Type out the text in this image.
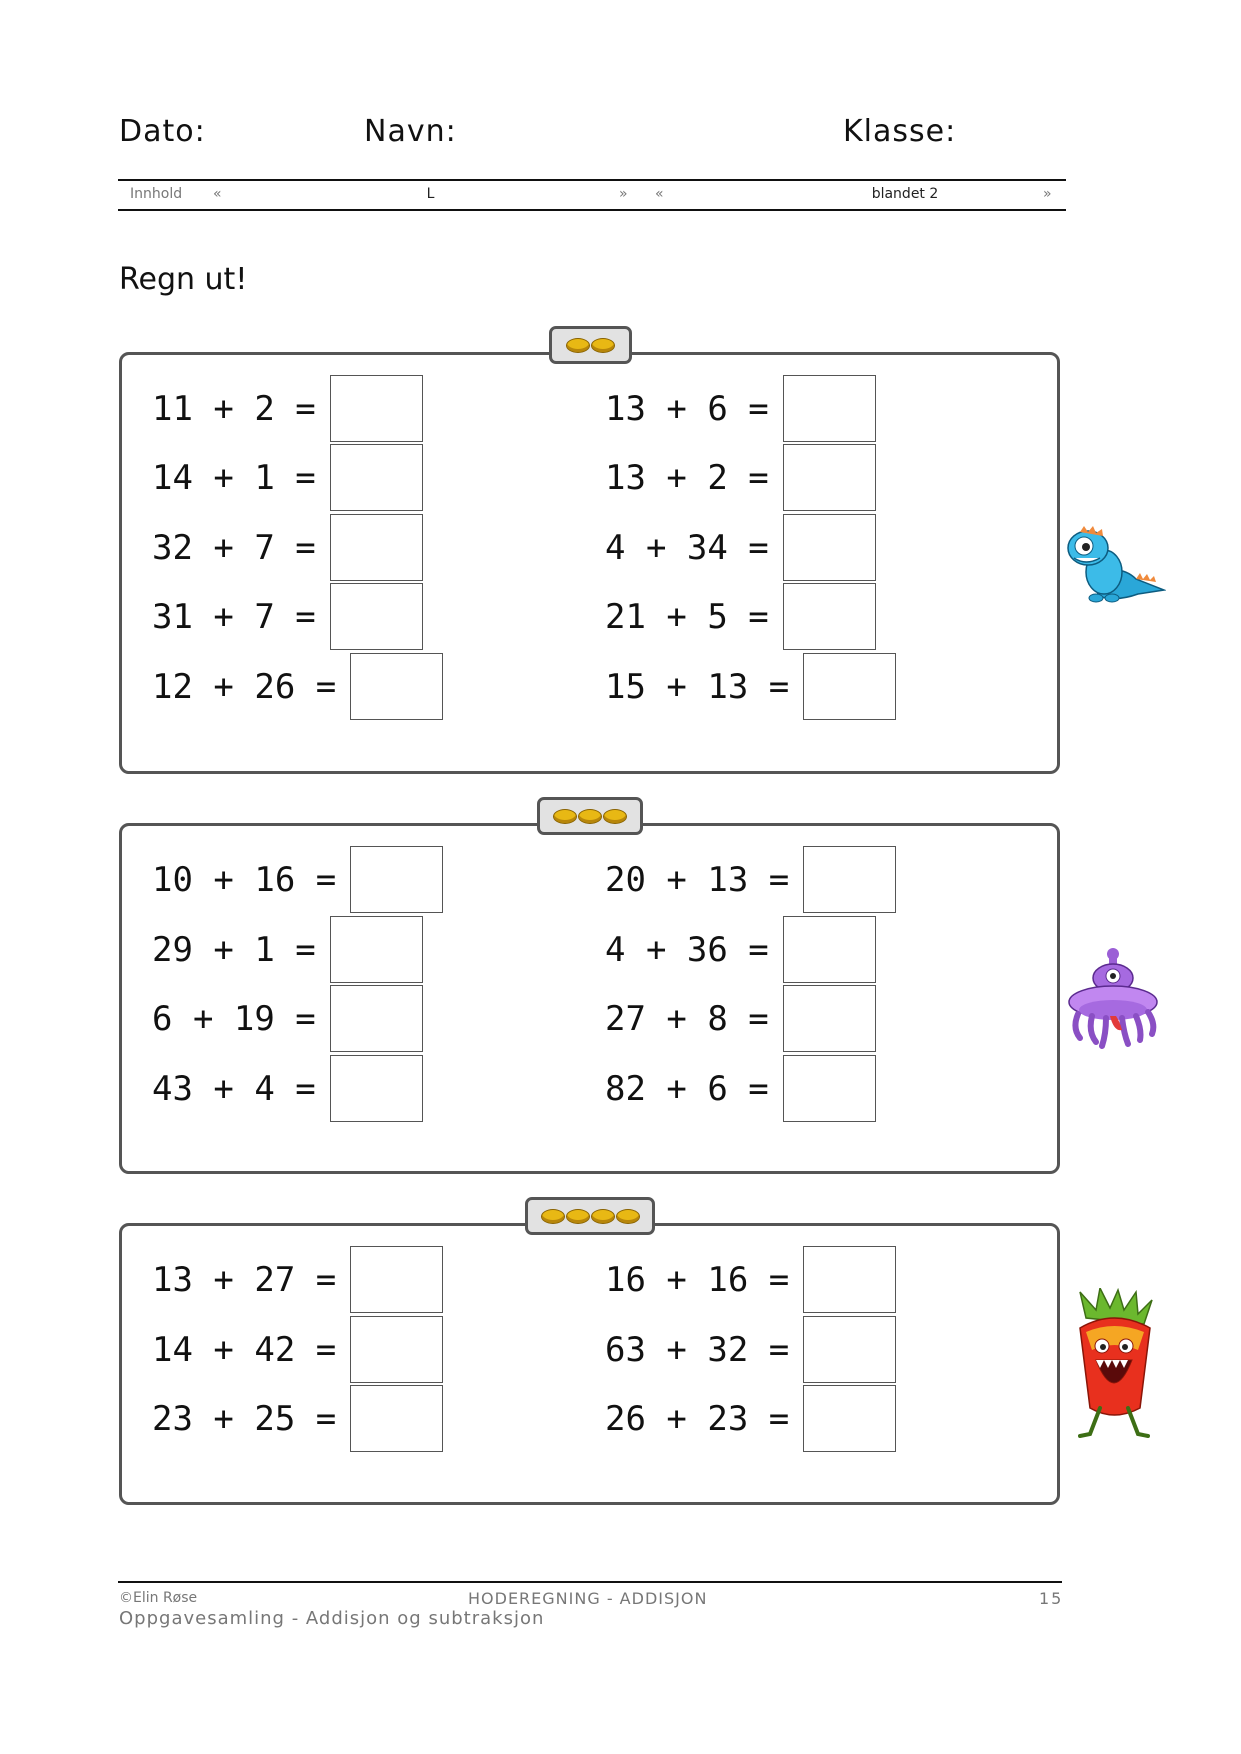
Dato:	Navn:	Klasse:
Innhold «	L	» «	blandet 2	»
Regn ut!
11 + 2 =
14 + 1 =
32 + 7 =
31 + 7 =
12 + 26 =
13 + 6 =
13 + 2 =
4 + 34 =
21 + 5 =
15 + 13 =
10 + 16 =
29 + 1 =
6 + 19 =
43 + 4 =
20 + 13 =
4 + 36 =
27 + 8 =
82 + 6 =
13 + 27 =
14 + 42 =
23 + 25 =
16 + 16 =
63 + 32 =
26 + 23 =
©Elin Røse	HODEREGNING - ADDISJON	15
Oppgavesamling - Addisjon og subtraksjon
